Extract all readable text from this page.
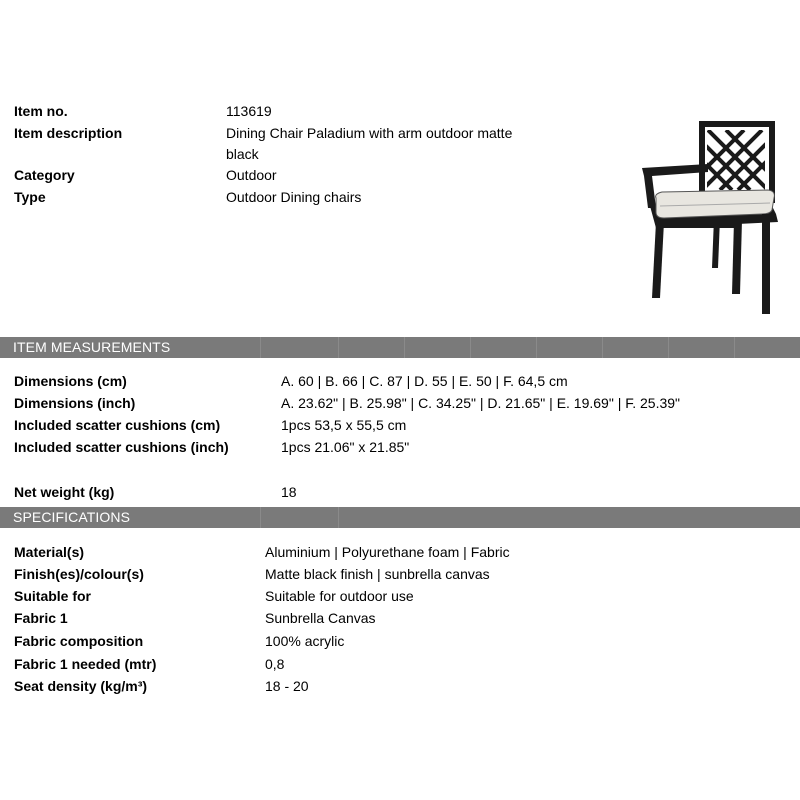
Item no.	113619
Item description	Dining Chair Paladium with arm outdoor matte
black
Category	Outdoor
Type	Outdoor Dining chairs
ITEM MEASUREMENTS
Dimensions (cm)	A. 60 | B. 66 | C. 87 | D. 55 | E. 50 | F. 64,5 cm
Dimensions (inch)	A. 23.62" | B. 25.98" | C. 34.25" | D. 21.65" | E. 19.69" | F. 25.39"
Included scatter cushions (cm)	1pcs 53,5 x 55,5 cm
Included scatter cushions (inch)	1pcs 21.06" x 21.85"
Net weight (kg)	18
SPECIFICATIONS
Material(s)	Aluminium | Polyurethane foam | Fabric
Finish(es)/colour(s)	Matte black finish | sunbrella canvas
Suitable for	Suitable for outdoor use
Fabric 1	Sunbrella Canvas
Fabric composition	100% acrylic
Fabric 1 needed (mtr)	0,8
Seat density (kg/m³)	18 - 20
